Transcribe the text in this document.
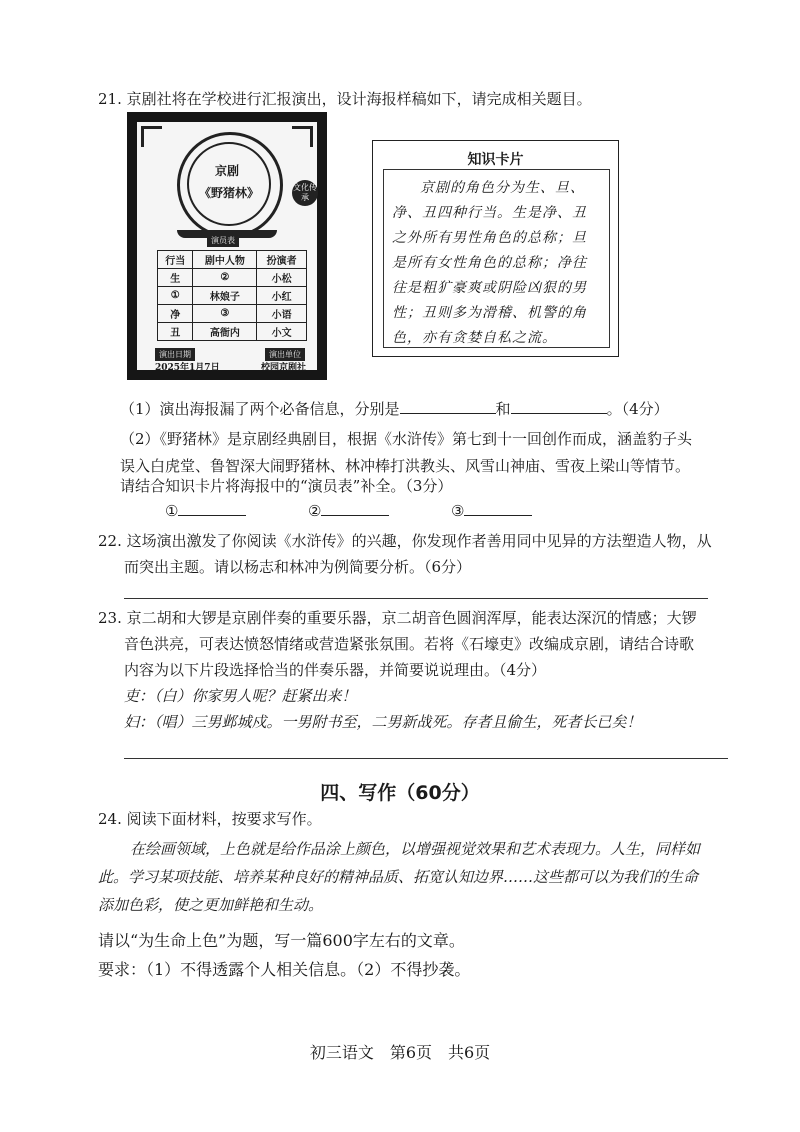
21. 京剧社将在学校进行汇报演出，设计海报样稿如下，请完成相关题目。
京剧
《野猪林》	文化传承
演员表
行当	剧中人物	扮演者
生	②	小松
①	林娘子	小红
净	③	小语
丑	高衙内	小文
演出日期	演出单位
2025年1月7日	校园京剧社
知识卡片
京剧的角色分为生、旦、净、丑四种行当。生是净、丑之外所有男性角色的总称；旦是所有女性角色的总称；净往往是粗犷豪爽或阴险凶狠的男性；丑则多为滑稽、机警的角色，亦有贪婪自私之流。
（1）演出海报漏了两个必备信息，分别是	和	。（4分）
（2）《野猪林》是京剧经典剧目，根据《水浒传》第七到十一回创作而成，涵盖豹子头
误入白虎堂、鲁智深大闹野猪林、林冲棒打洪教头、风雪山神庙、雪夜上梁山等情节。
请结合知识卡片将海报中的“演员表”补全。（3分）
①	②	③
22. 这场演出激发了你阅读《水浒传》的兴趣，你发现作者善用同中见异的方法塑造人物，从
而突出主题。请以杨志和林冲为例简要分析。（6分）
23. 京二胡和大锣是京剧伴奏的重要乐器，京二胡音色圆润浑厚，能表达深沉的情感；大锣
音色洪亮，可表达愤怒情绪或营造紧张氛围。若将《石壕吏》改编成京剧，请结合诗歌
内容为以下片段选择恰当的伴奏乐器，并简要说说理由。（4分）
吏：（白）你家男人呢？赶紧出来！
妇：（唱）三男邺城戍。一男附书至，二男新战死。存者且偷生，死者长已矣！
四、写作（60分）
24. 阅读下面材料，按要求写作。
在绘画领域，上色就是给作品涂上颜色，以增强视觉效果和艺术表现力。人生，同样如
此。学习某项技能、培养某种良好的精神品质、拓宽认知边界……这些都可以为我们的生命
添加色彩，使之更加鲜艳和生动。
请以“为生命上色”为题，写一篇600字左右的文章。
要求：（1）不得透露个人相关信息。（2）不得抄袭。
初三语文　第6页　共6页
